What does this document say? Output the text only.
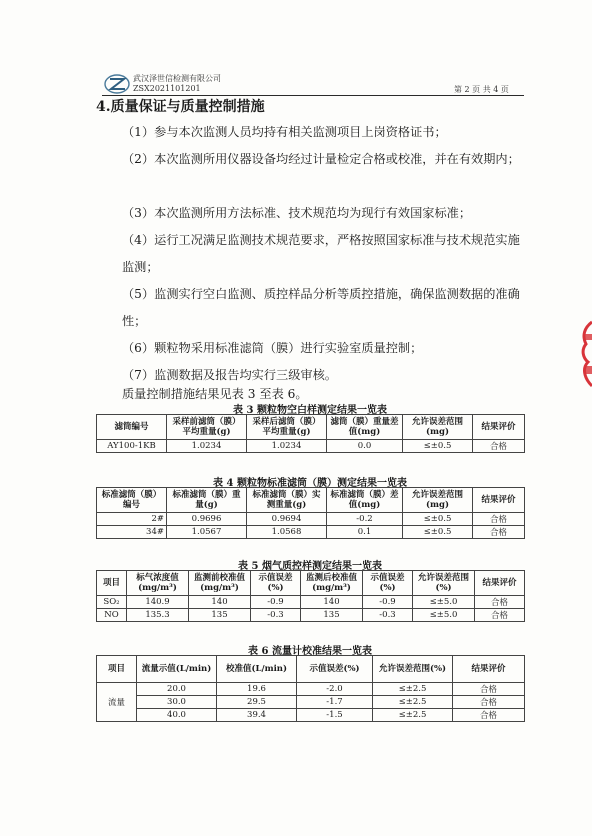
武汉泽世信检测有限公司
ZSX2021101201	第 2 页 共 4 页
4.质量保证与质量控制措施
（1）参与本次监测人员均持有相关监测项目上岗资格证书；
（2）本次监测所用仪器设备均经过计量检定合格或校准，并在有效期内；
（3）本次监测所用方法标准、技术规范均为现行有效国家标准；
（4）运行工况满足监测技术规范要求，严格按照国家标准与技术规范实施监测；
（5）监测实行空白监测、质控样品分析等质控措施，确保监测数据的准确性；
（6）颗粒物采用标准滤筒（膜）进行实验室质量控制；
（7）监测数据及报告均实行三级审核。
质量控制措施结果见表 3 至表 6。
表 3 颗粒物空白样测定结果一览表
滤筒编号	采样前滤筒（膜）平均重量(g)	采样后滤筒（膜）平均重量(g)	滤筒（膜）重量差值(mg)	允许误差范围(mg)	结果评价
AY100-1KB	1.0234	1.0234	0.0	≤±0.5	合格
表 4 颗粒物标准滤筒（膜）测定结果一览表
标准滤筒（膜）编号	标准滤筒（膜）重量(g)	标准滤筒（膜）实测重量(g)	标准滤筒（膜）差值(mg)	允许误差范围(mg)	结果评价
2#	0.9696	0.9694	-0.2	≤±0.5	合格
34#	1.0567	1.0568	0.1	≤±0.5	合格
表 5 烟气质控样测定结果一览表
项目	标气浓度值(mg/m³)	监测前校准值(mg/m³)	示值误差(%)	监测后校准值(mg/m³)	示值误差(%)	允许误差范围(%)	结果评价
SO₂	140.9	140	-0.9	140	-0.9	≤±5.0	合格
NO	135.3	135	-0.3	135	-0.3	≤±5.0	合格
表 6 流量计校准结果一览表
项目	流量示值(L/min)	校准值(L/min)	示值误差(%)	允许误差范围(%)	结果评价
流量	20.0	19.6	-2.0	≤±2.5	合格
	30.0	29.5	-1.7	≤±2.5	合格
	40.0	39.4	-1.5	≤±2.5	合格
